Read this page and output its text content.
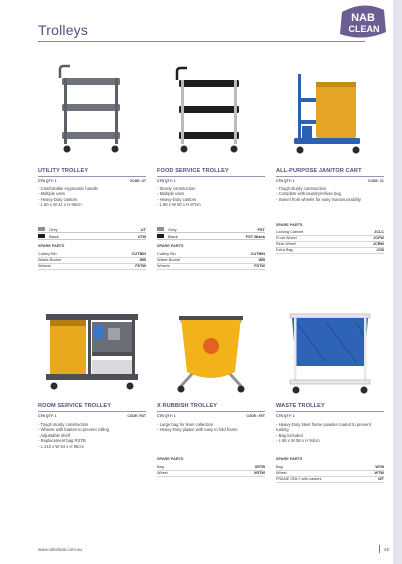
Trolleys
NAB
CLEAN
UTILITY TROLLEY
CTN QTY: 1	CODE: UT
- Comfortable ergonomic handle
- Multiple uses
- Heavy-Duty castors
- L 60 x W 41 x H 95cm
Grey	UT
Black	UTB
SPARE PARTS
Cutlery Bin	CUTBIN
Waste Bucket	WB
Wheels	FSTW
FOOD SERVICE TROLLEY
CTN QTY: 1
- Sturdy construction
- Multiple uses
- Heavy-Duty castors
- L 88 x W 50 x H 97cm
Grey	FST
Black	FST Black
SPARE PARTS
Cutlery Bin	CUTBIN
Waste Bucket	WB
Wheels	FSTW
ALL-PURPOSE JANITOR CART
CTN QTY: 1	CODE: JC
- Tough sturdy construction
- Complete with laundry/refuse bag
- Swivel front wheels for easy manoeuvrability
SPARE PARTS
Locking Cabinet	JCLC
Front Wheel	JCFW
Rear Wheel	JCRW
Extra Bag	JCB
ROOM SERVICE TROLLEY
CTN QTY: 1	CODE: RST
- Tough sturdy construction
- Wheels with brakes to prevent rolling
- Adjustable shelf
- Replacement bag RSTB
- L 143 x W 54 x H 95cm
X RUBBISH TROLLEY
CTN QTY: 1	CODE: XRT
- Large bag for linen collection
- Heavy-Duty plastic with easy to fold frame
SPARE PARTS
Bag	XRTB
Wheel	XRTW
WASTE TROLLEY
CTN QTY: 1
- Heavy-Duty steel frame powder coated to prevent rusting
- Bag included
- L 88 x W 58 x H 94cm
SPARE PARTS
Bag	WTB
Wheel	WTW
FRAME ONLY with castors	WT
www.nabclean.com.au	45
